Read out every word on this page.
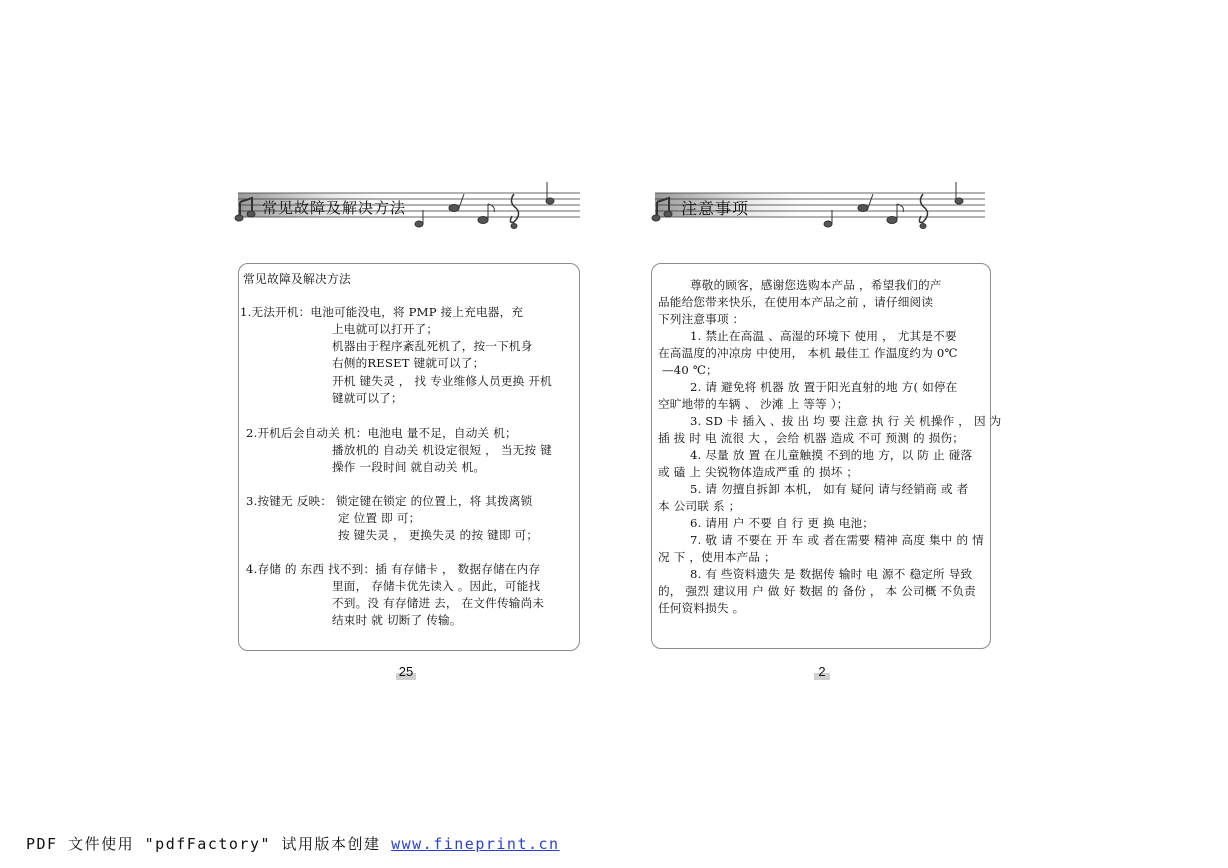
常见故障及解决方法
常见故障及解决方法
1.无法开机：电池可能没电，将 PMP 接上充电器，充
上电就可以打开了；
机器由于程序紊乱死机了，按一下机身
右侧的RESET 键就可以了；
开机 键失灵 ， 找 专业维修人员更换 开机
键就可以了；
2.开机后会自动关 机：电池电 量不足，自动关 机；
播放机的 自动关 机设定很短 ， 当无按 键
操作 一段时间 就自动关 机。
3.按键无 反映： 锁定键在锁定 的位置上，将 其拨离锁
定 位置 即 可；
按 键失灵 ， 更换失灵 的按 键即 可；
4.存储 的 东西 找不到：插 有存储卡 ， 数据存储在内存
里面， 存储卡优先读入 。因此，可能找
不到。没 有存储进 去， 在文件传输尚未
结束时 就 切断了 传输。
25
注意事项
尊敬的顾客，感谢您选购本产品 ，希望我们的产
品能给您带来快乐，在使用本产品之前 ，请仔细阅读
下列注意事项 ：
1. 禁止在高温 、高湿的环境下 使用 ， 尤其是不要
在高温度的冲凉房 中使用， 本机 最佳工 作温度约为 0℃
—40 ℃；
2. 请 避免将 机器 放 置于阳光直射的地 方( 如停在
空旷地带的车辆 、 沙滩 上 等等 ）；
3. SD 卡 插入 、拔 出 均 要 注意 执 行 关 机操作 ， 因 为
插 拔 时 电 流很 大 ，会给 机器 造成 不可 预测 的 损伤；
4. 尽量 放 置 在儿童触摸 不到的地 方，以 防 止 碰落
或 磕 上 尖锐物体造成严重 的 损坏 ；
5. 请 勿擅自拆卸 本机， 如有 疑问 请与经销商 或 者
本 公司联 系 ；
6. 请用 户 不要 自 行 更 换 电池；
7. 敬 请 不要在 开 车 或 者在需要 精神 高度 集中 的 情
况 下 ，使用本产品 ；
8. 有 些资料遗失 是 数据传 输时 电 源不 稳定所 导致
的， 强烈 建议用 户 做 好 数据 的 备份 ， 本 公司概 不负责
任何资料损失 。
2
PDF 文件使用 "pdfFactory" 试用版本创建 www.fineprint.cn
